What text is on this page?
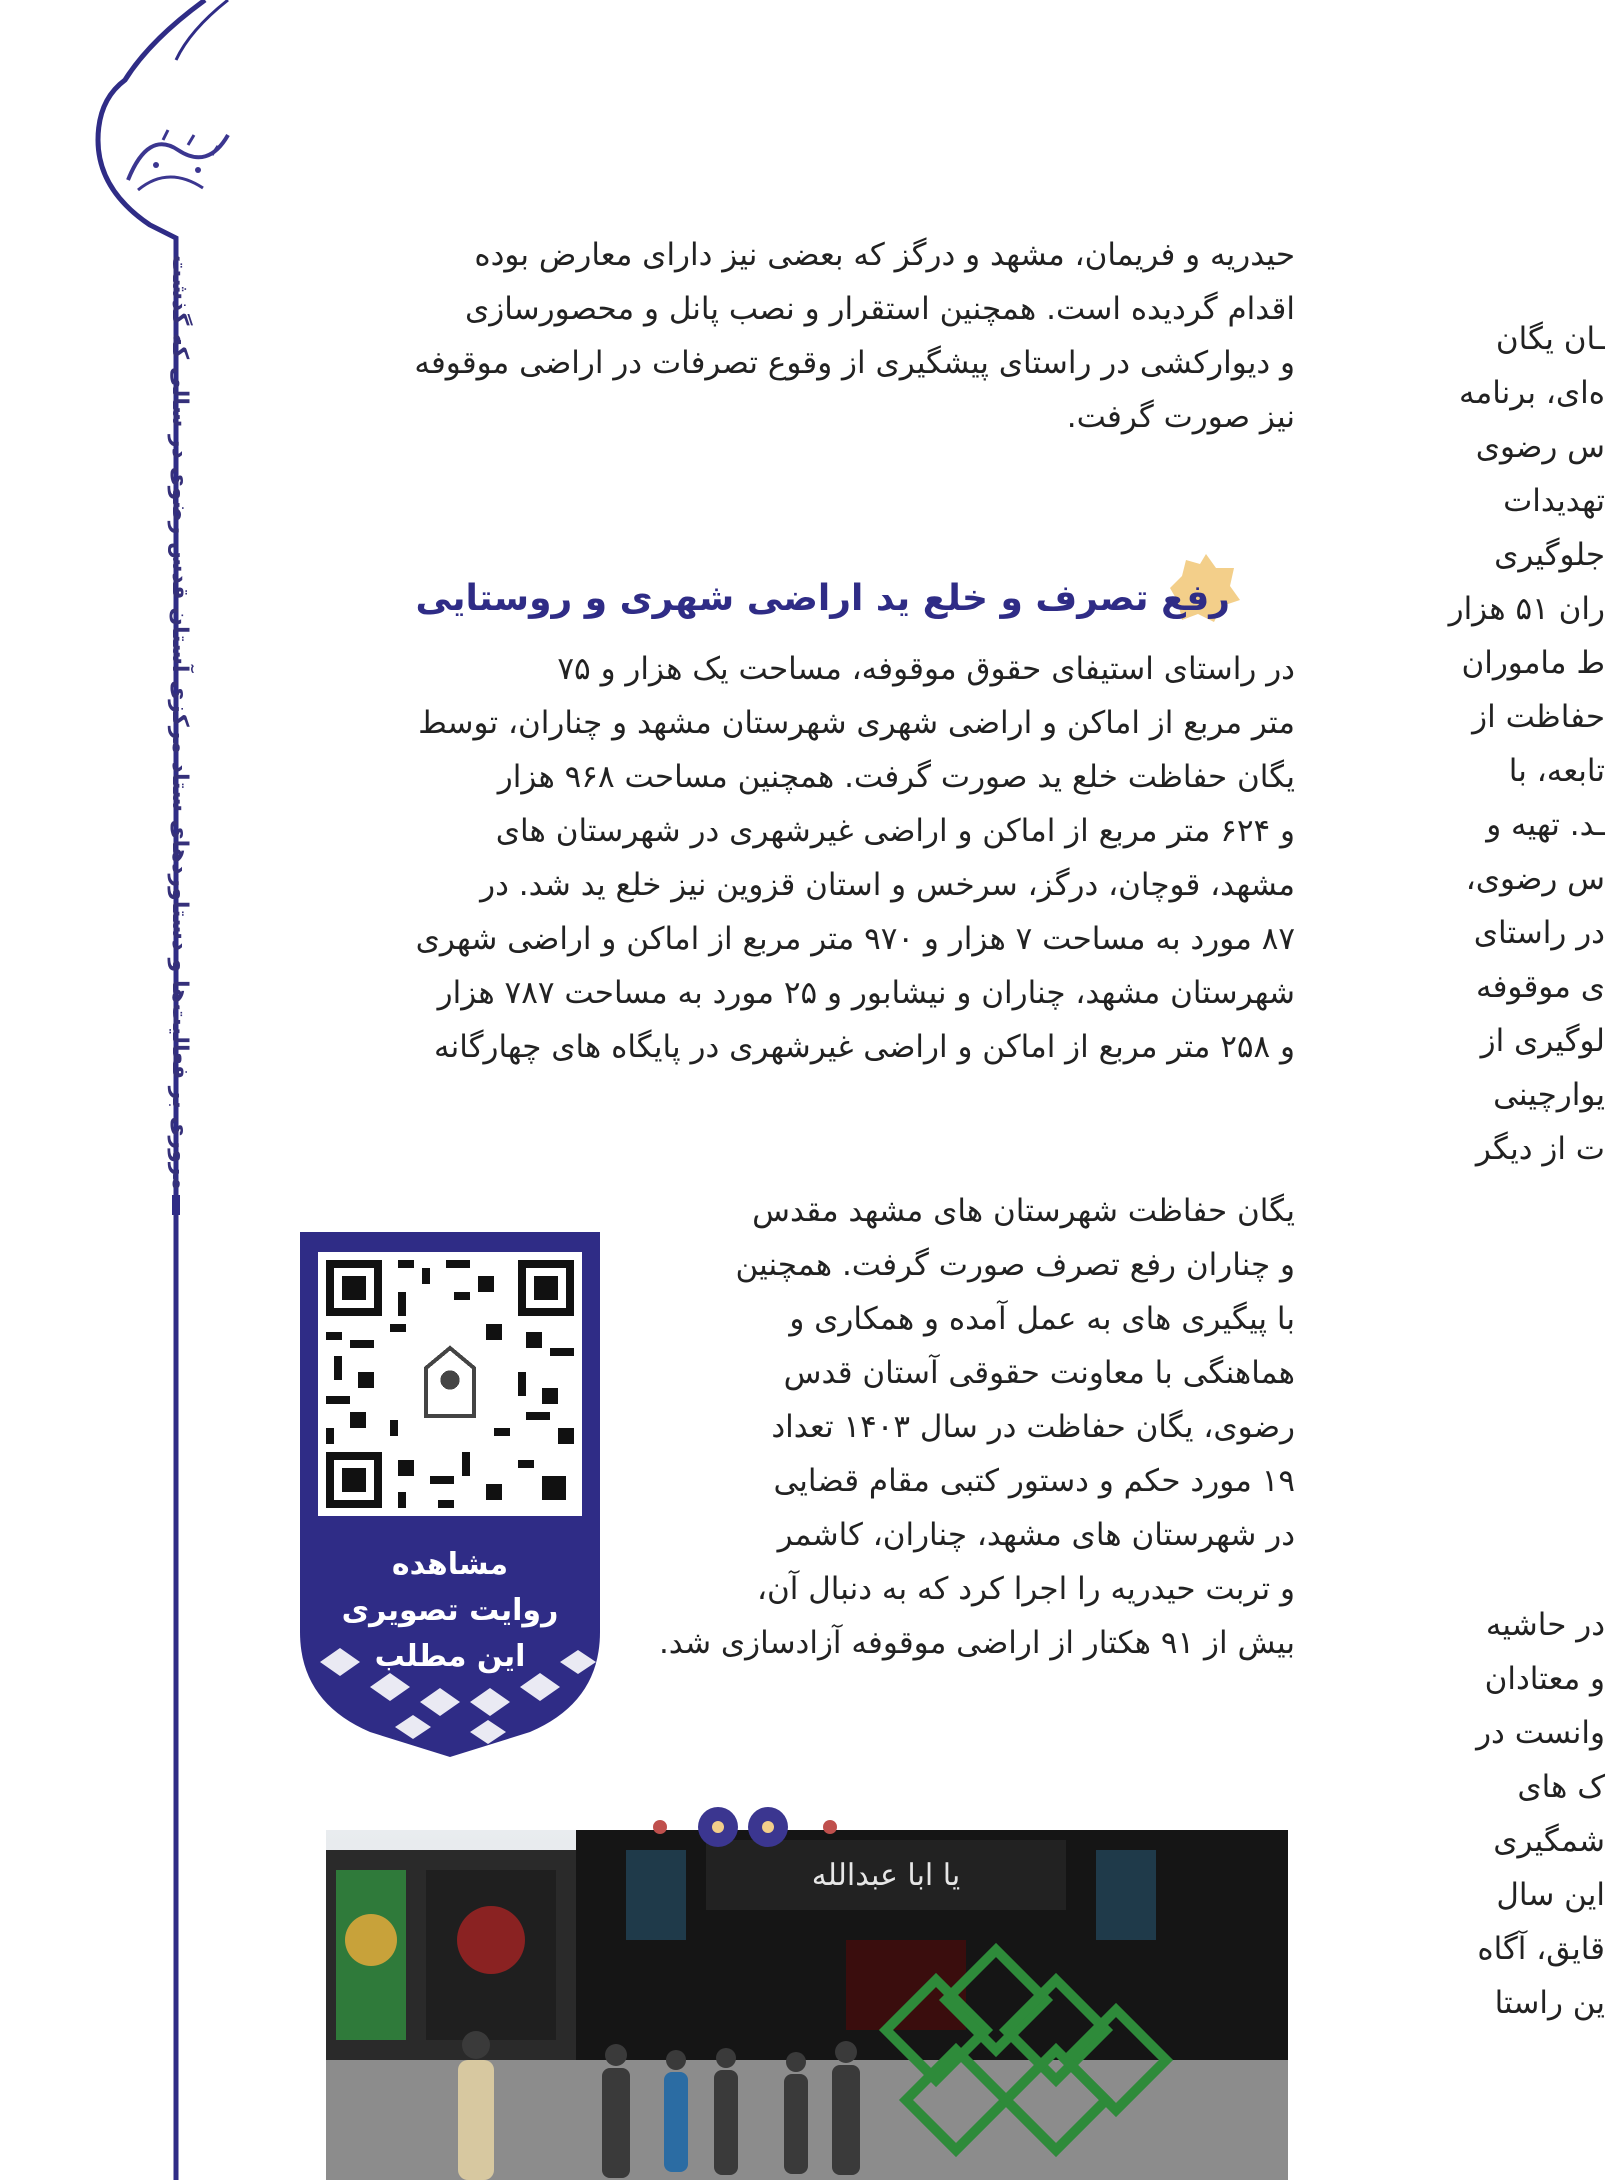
مروری بر فعالیت‌ها و دستاوردهای ستاد مرکزی آستان قدس رضوی در سالی که گذشت	حیدریه و فریمان، مشهد و درگز که بعضی نیز دارای معارض بوده

اقدام گردیده است. همچنین استقرار و نصب پانل و محصورسازی

و دیوارکشی در راستای پیشگیری از وقوع تصرفات در اراضی موقوفه

نیز صورت گرفت.

رفع تصرف و خلع ید اراضی شهری و روستایی

در راستای استیفای حقوق موقوفه، مساحت یک هزار و ۷۵

متر مربع از اماکن و اراضی شهری شهرستان مشهد و چناران، توسط

یگان حفاظت خلع ید صورت گرفت. همچنین مساحت ۹۶۸ هزار

و ۶۲۴ متر مربع از اماکن و اراضی غیرشهری در شهرستان های

مشهد، قوچان، درگز، سرخس و استان قزوین نیز خلع ید شد. در

۸۷ مورد به مساحت ۷ هزار و ۹۷۰ متر مربع از اماکن و اراضی شهری

شهرستان مشهد، چناران و نیشابور و ۲۵ مورد به مساحت ۷۸۷ هزار

و ۲۵۸ متر مربع از اماکن و اراضی غیرشهری در پایگاه های چهارگانه

یگان حفاظت شهرستان های مشهد مقدس

و چناران رفع تصرف صورت گرفت. همچنین

با پیگیری های به عمل آمده و همکاری و

هماهنگی با معاونت حقوقی آستان قدس

رضوی، یگان حفاظت در سال ۱۴۰۳ تعداد

۱۹ مورد حکم و دستور کتبی مقام قضایی

در شهرستان های مشهد، چناران، کاشمر

و تربت حیدریه را اجرا کرد که به دنبال آن،

بیش از ۹۱ هکتار از اراضی موقوفه آزادسازی شد.

ـان یگان
ه‌ای، برنامه
س رضوی
تهدیدات
جلوگیری
ران ۵۱ هزار
ط ماموران
حفاظت از
تابعه، با
ـد. تهیه و
س رضوی،
در راستای
ی موقوفه
لوگیری از
یوارچینی
ت از دیگر
در حاشیه
و معتادان
وانست در
ک های
شمگیری
این سال
قایق، آگاه
ین راستا
مشاهده
روایت تصویری
این مطلب
یا ابا عبدالله
